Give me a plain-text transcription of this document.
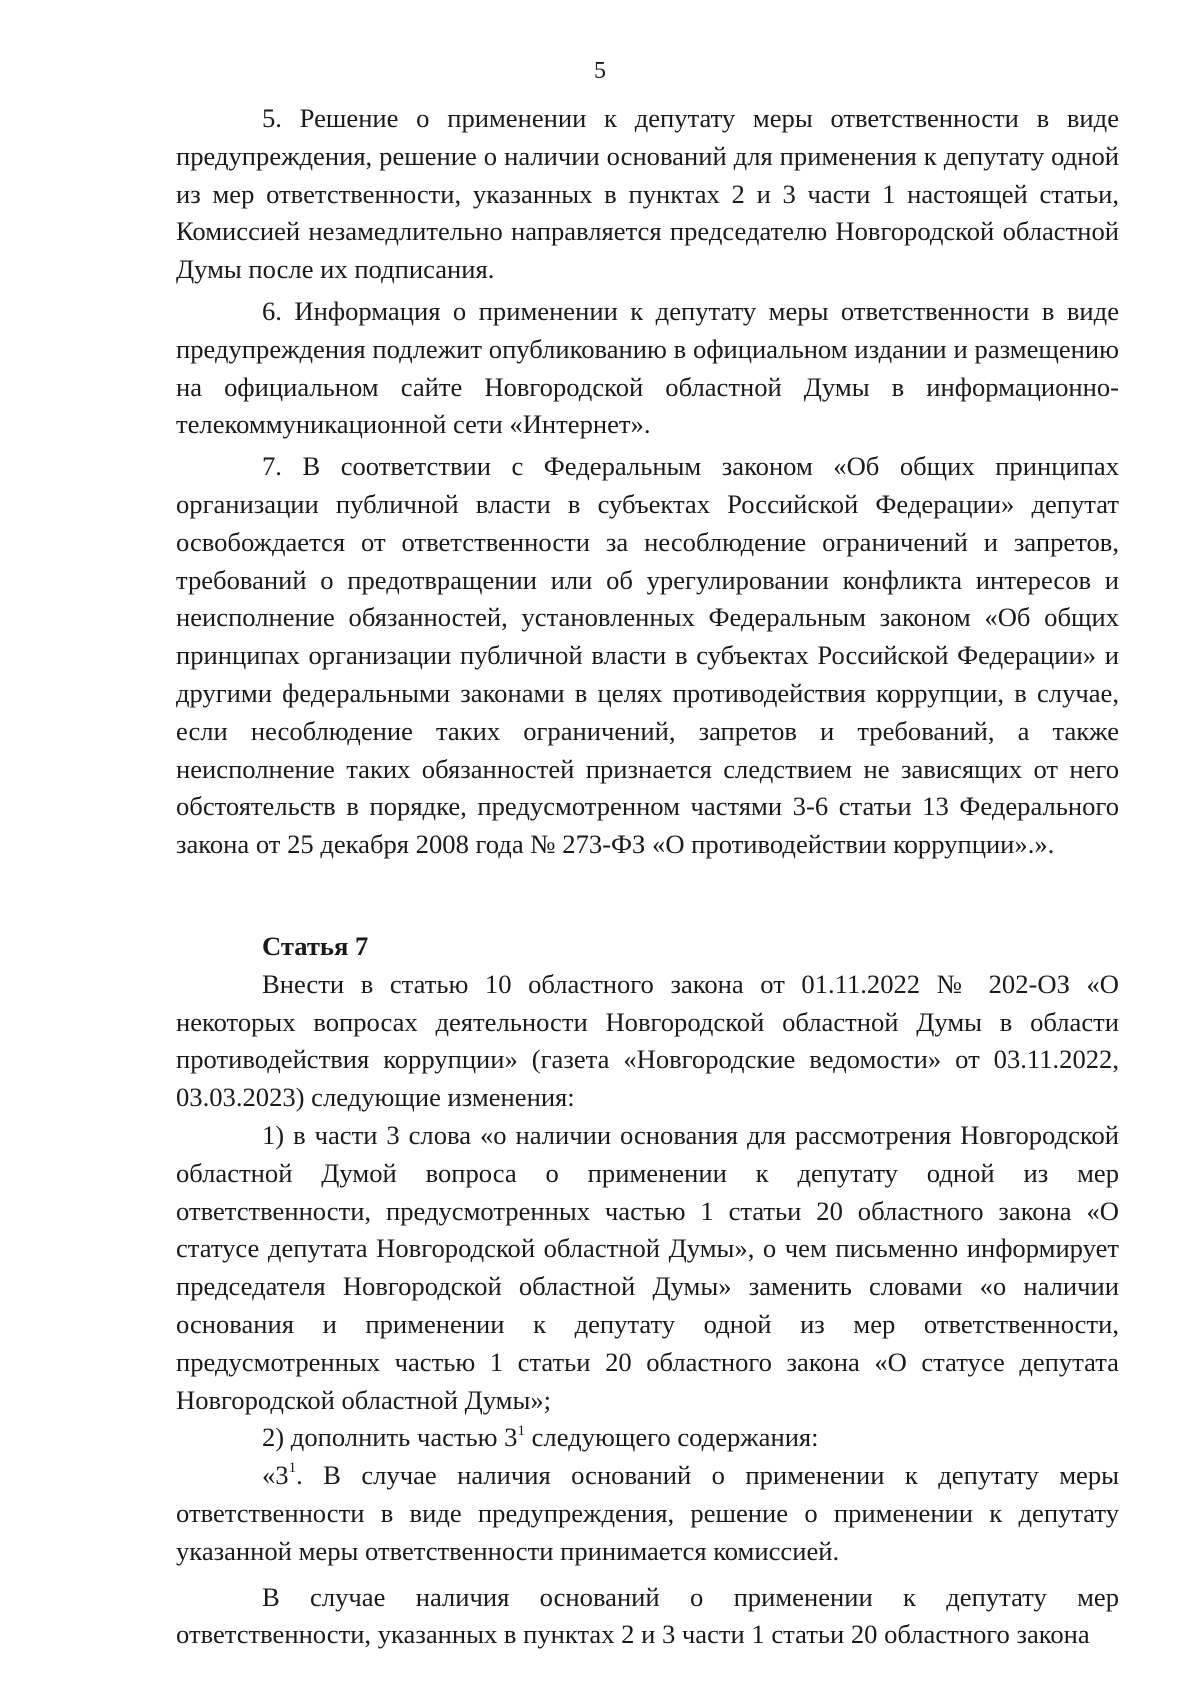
5

5. Решение о применении к депутату меры ответственности в виде предупреждения, решение о наличии оснований для применения к депутату одной из мер ответственности, указанных в пунктах 2 и 3 части 1 настоящей статьи, Комиссией незамедлительно направляется председателю Новгородской областной Думы после их подписания.

6. Информация о применении к депутату меры ответственности в виде предупреждения подлежит опубликованию в официальном издании и размещению на официальном сайте Новгородской областной Думы в информационно-телекоммуникационной сети «Интернет».

7. В соответствии с Федеральным законом «Об общих принципах организации публичной власти в субъектах Российской Федерации» депутат освобождается от ответственности за несоблюдение ограничений и запретов, требований о предотвращении или об урегулировании конфликта интересов и неисполнение обязанностей, установленных Федеральным законом «Об общих принципах организации публичной власти в субъектах Российской Федерации» и другими федеральными законами в целях противодействия коррупции, в случае, если несоблюдение таких ограничений, запретов и требований, а также неисполнение таких обязанностей признается следствием не зависящих от него обстоятельств в порядке, предусмотренном частями 3-6 статьи 13 Федерального закона от 25 декабря 2008 года № 273-ФЗ «О противодействии коррупции».».

Статья 7

Внести в статью 10 областного закона от 01.11.2022 № 202-ОЗ «О некоторых вопросах деятельности Новгородской областной Думы в области противодействия коррупции» (газета «Новгородские ведомости» от 03.11.2022, 03.03.2023) следующие изменения:

1) в части 3 слова «о наличии основания для рассмотрения Новгородской областной Думой вопроса о применении к депутату одной из мер ответственности, предусмотренных частью 1 статьи 20 областного закона «О статусе депутата Новгородской областной Думы», о чем письменно информирует председателя Новгородской областной Думы» заменить словами «о наличии основания и применении к депутату одной из мер ответственности, предусмотренных частью 1 статьи 20 областного закона «О статусе депутата Новгородской областной Думы»;

2) дополнить частью $3^1$ следующего содержания:

«$3^1$. В случае наличия оснований о применении к депутату меры ответственности в виде предупреждения, решение о применении к депутату указанной меры ответственности принимается комиссией.

В случае наличия оснований о применении к депутату мер ответственности, указанных в пунктах 2 и 3 части 1 статьи 20 областного закона
